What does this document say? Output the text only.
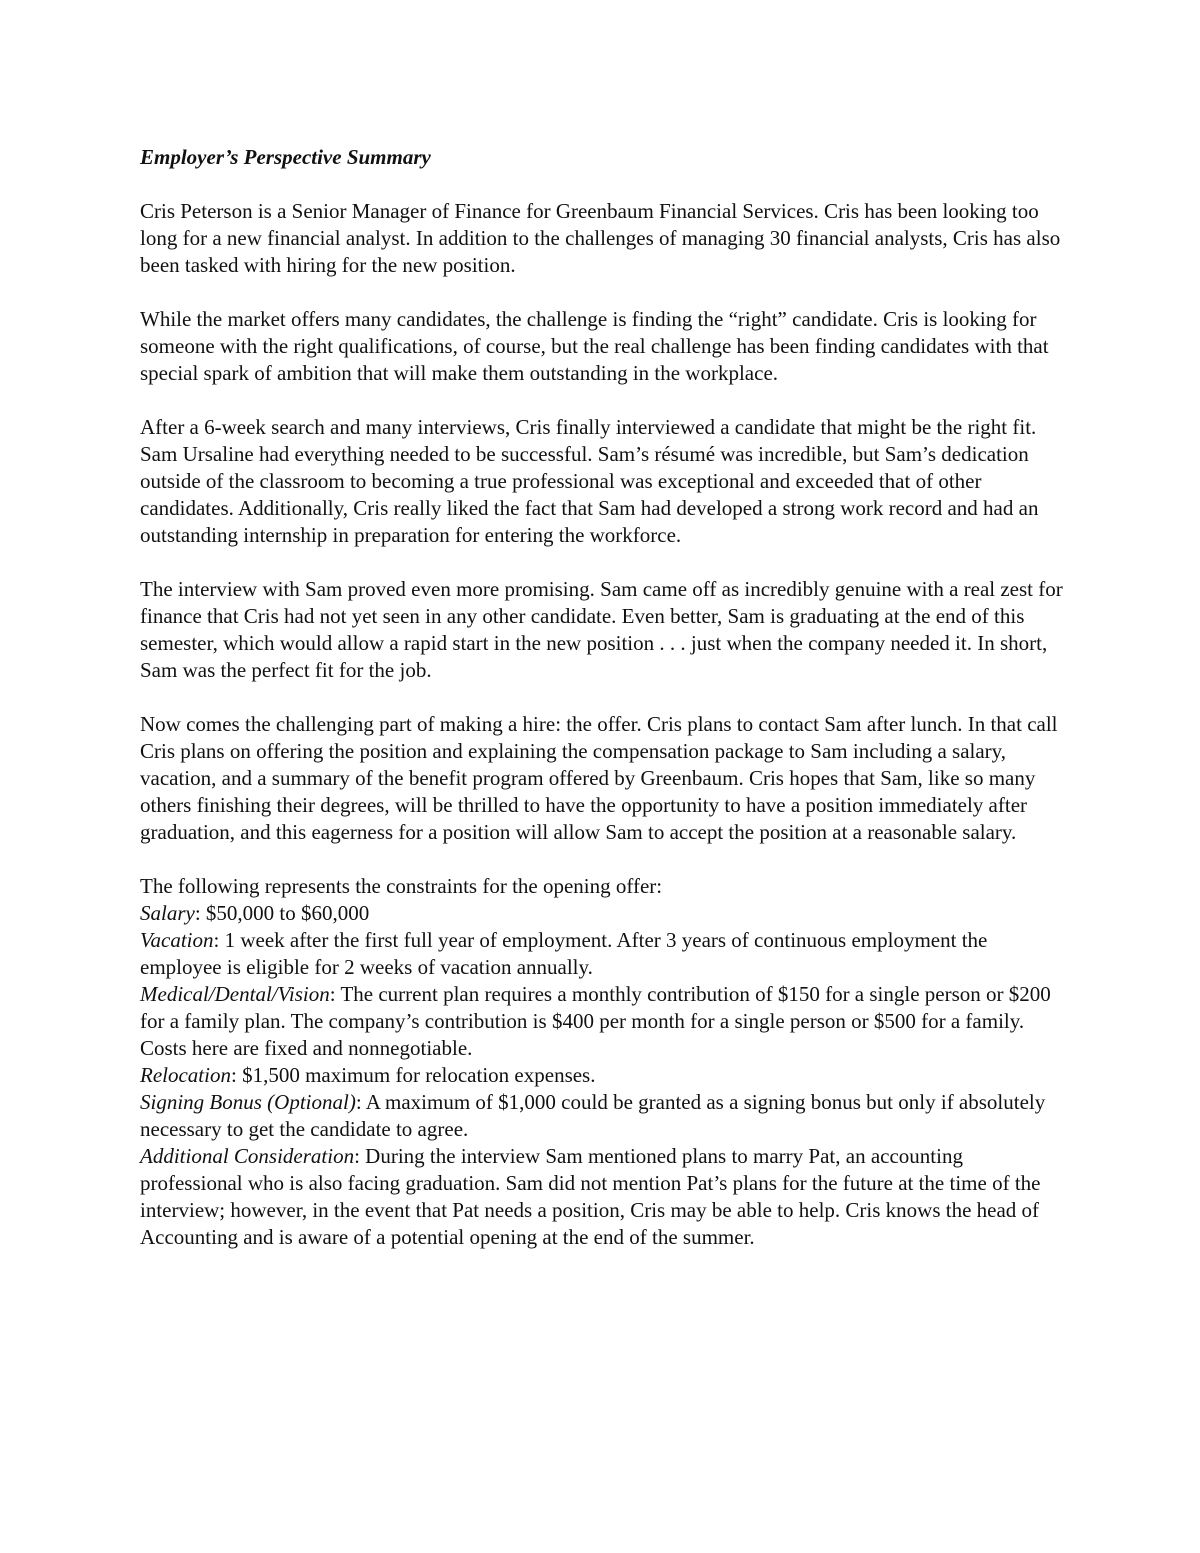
Employer’s Perspective Summary

Cris Peterson is a Senior Manager of Finance for Greenbaum Financial Services. Cris has been looking too long for a new financial analyst. In addition to the challenges of managing 30 financial analysts, Cris has also been tasked with hiring for the new position.

While the market offers many candidates, the challenge is finding the “right” candidate. Cris is looking for someone with the right qualifications, of course, but the real challenge has been finding candidates with that special spark of ambition that will make them outstanding in the workplace.

After a 6-week search and many interviews, Cris finally interviewed a candidate that might be the right fit. Sam Ursaline had everything needed to be successful. Sam’s résumé was incredible, but Sam’s dedication outside of the classroom to becoming a true professional was exceptional and exceeded that of other candidates. Additionally, Cris really liked the fact that Sam had developed a strong work record and had an outstanding internship in preparation for entering the workforce.

The interview with Sam proved even more promising. Sam came off as incredibly genuine with a real zest for finance that Cris had not yet seen in any other candidate. Even better, Sam is graduating at the end of this semester, which would allow a rapid start in the new position . . . just when the company needed it. In short, Sam was the perfect fit for the job.

Now comes the challenging part of making a hire: the offer. Cris plans to contact Sam after lunch. In that call Cris plans on offering the position and explaining the compensation package to Sam including a salary, vacation, and a summary of the benefit program offered by Greenbaum. Cris hopes that Sam, like so many others finishing their degrees, will be thrilled to have the opportunity to have a position immediately after graduation, and this eagerness for a position will allow Sam to accept the position at a reasonable salary.

The following represents the constraints for the opening offer:
Salary: $50,000 to $60,000
Vacation: 1 week after the first full year of employment. After 3 years of continuous employment the employee is eligible for 2 weeks of vacation annually.
Medical/Dental/Vision: The current plan requires a monthly contribution of $150 for a single person or $200 for a family plan. The company’s contribution is $400 per month for a single person or $500 for a family. Costs here are fixed and nonnegotiable.
Relocation: $1,500 maximum for relocation expenses.
Signing Bonus (Optional): A maximum of $1,000 could be granted as a signing bonus but only if absolutely necessary to get the candidate to agree.
Additional Consideration: During the interview Sam mentioned plans to marry Pat, an accounting professional who is also facing graduation. Sam did not mention Pat’s plans for the future at the time of the interview; however, in the event that Pat needs a position, Cris may be able to help. Cris knows the head of Accounting and is aware of a potential opening at the end of the summer.
